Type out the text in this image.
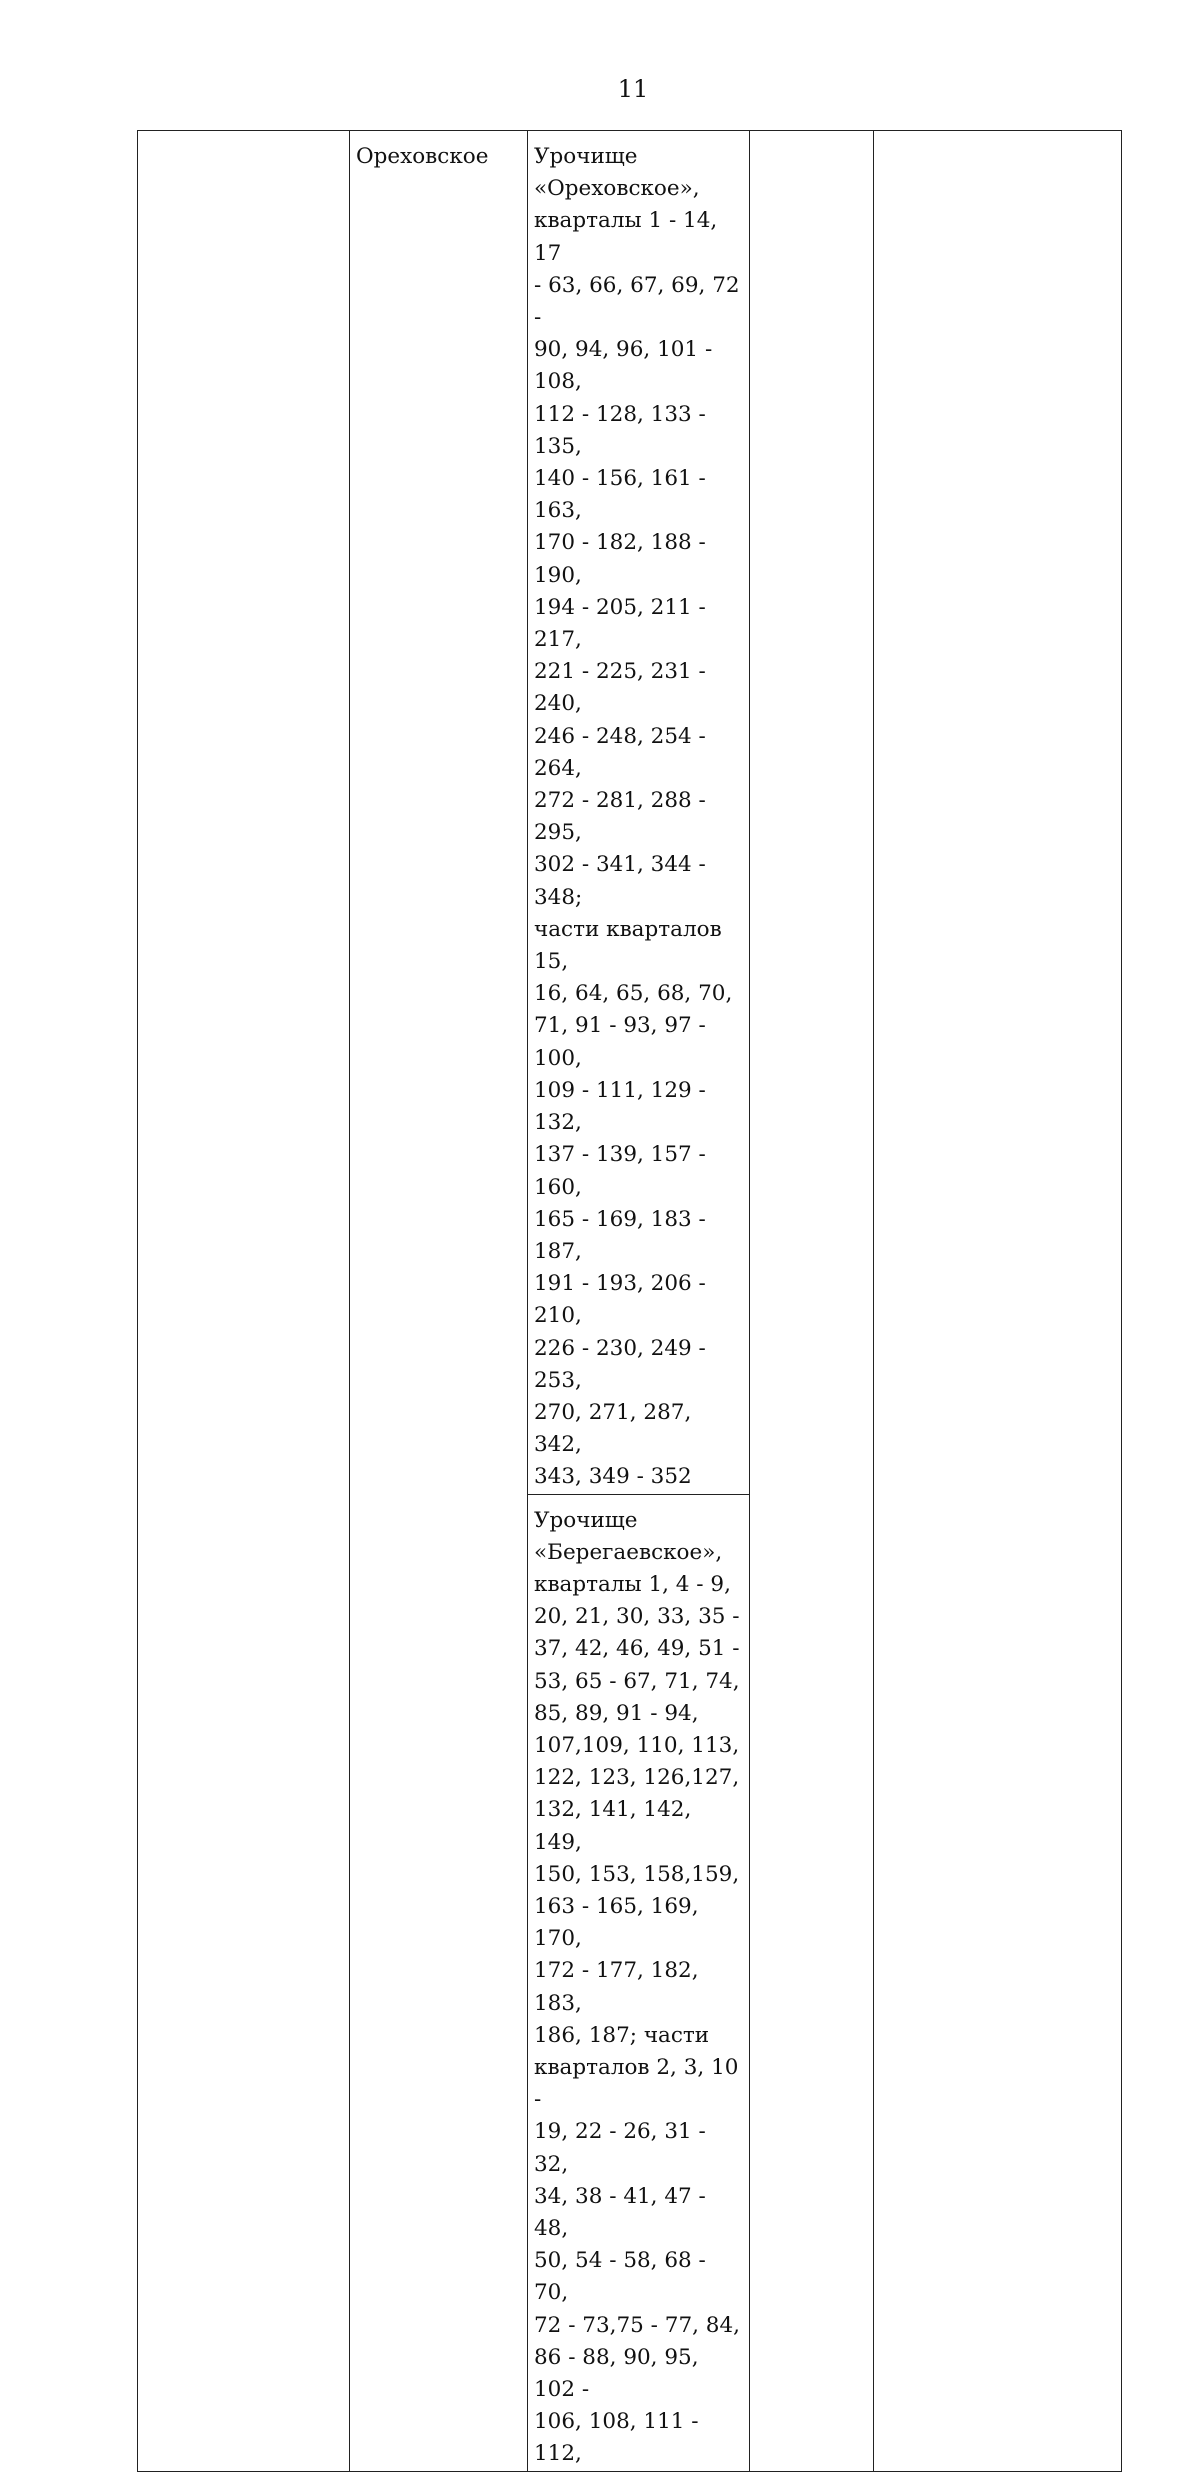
11
	Ореховское	Урочище
«Ореховское»,
кварталы 1 - 14, 17
- 63, 66, 67, 69, 72 -
90, 94, 96, 101 - 108,
112 - 128, 133 - 135,
140 - 156, 161 - 163,
170 - 182, 188 - 190,
194 - 205, 211 - 217,
221 - 225, 231 - 240,
246 - 248, 254 - 264,
272 - 281, 288 - 295,
302 - 341, 344 - 348;
части кварталов 15,
16, 64, 65, 68, 70,
71, 91 - 93, 97 - 100,
109 - 111, 129 - 132,
137 - 139, 157 - 160,
165 - 169, 183 - 187,
191 - 193, 206 - 210,
226 - 230, 249 - 253,
270, 271, 287, 342,
343, 349 - 352		
Урочище
«Берегаевское»,
кварталы 1, 4 - 9,
20, 21, 30, 33, 35 -
37, 42, 46, 49, 51 -
53, 65 - 67, 71, 74,
85, 89, 91 - 94,
107,109, 110, 113,
122, 123, 126,127,
132, 141, 142, 149,
150, 153, 158,159,
163 - 165, 169, 170,
172 - 177, 182, 183,
186, 187; части
кварталов 2, 3, 10 -
19, 22 - 26, 31 - 32,
34, 38 - 41, 47 - 48,
50, 54 - 58, 68 - 70,
72 - 73,75 - 77, 84,
86 - 88, 90, 95, 102 -
106, 108, 111 - 112,
